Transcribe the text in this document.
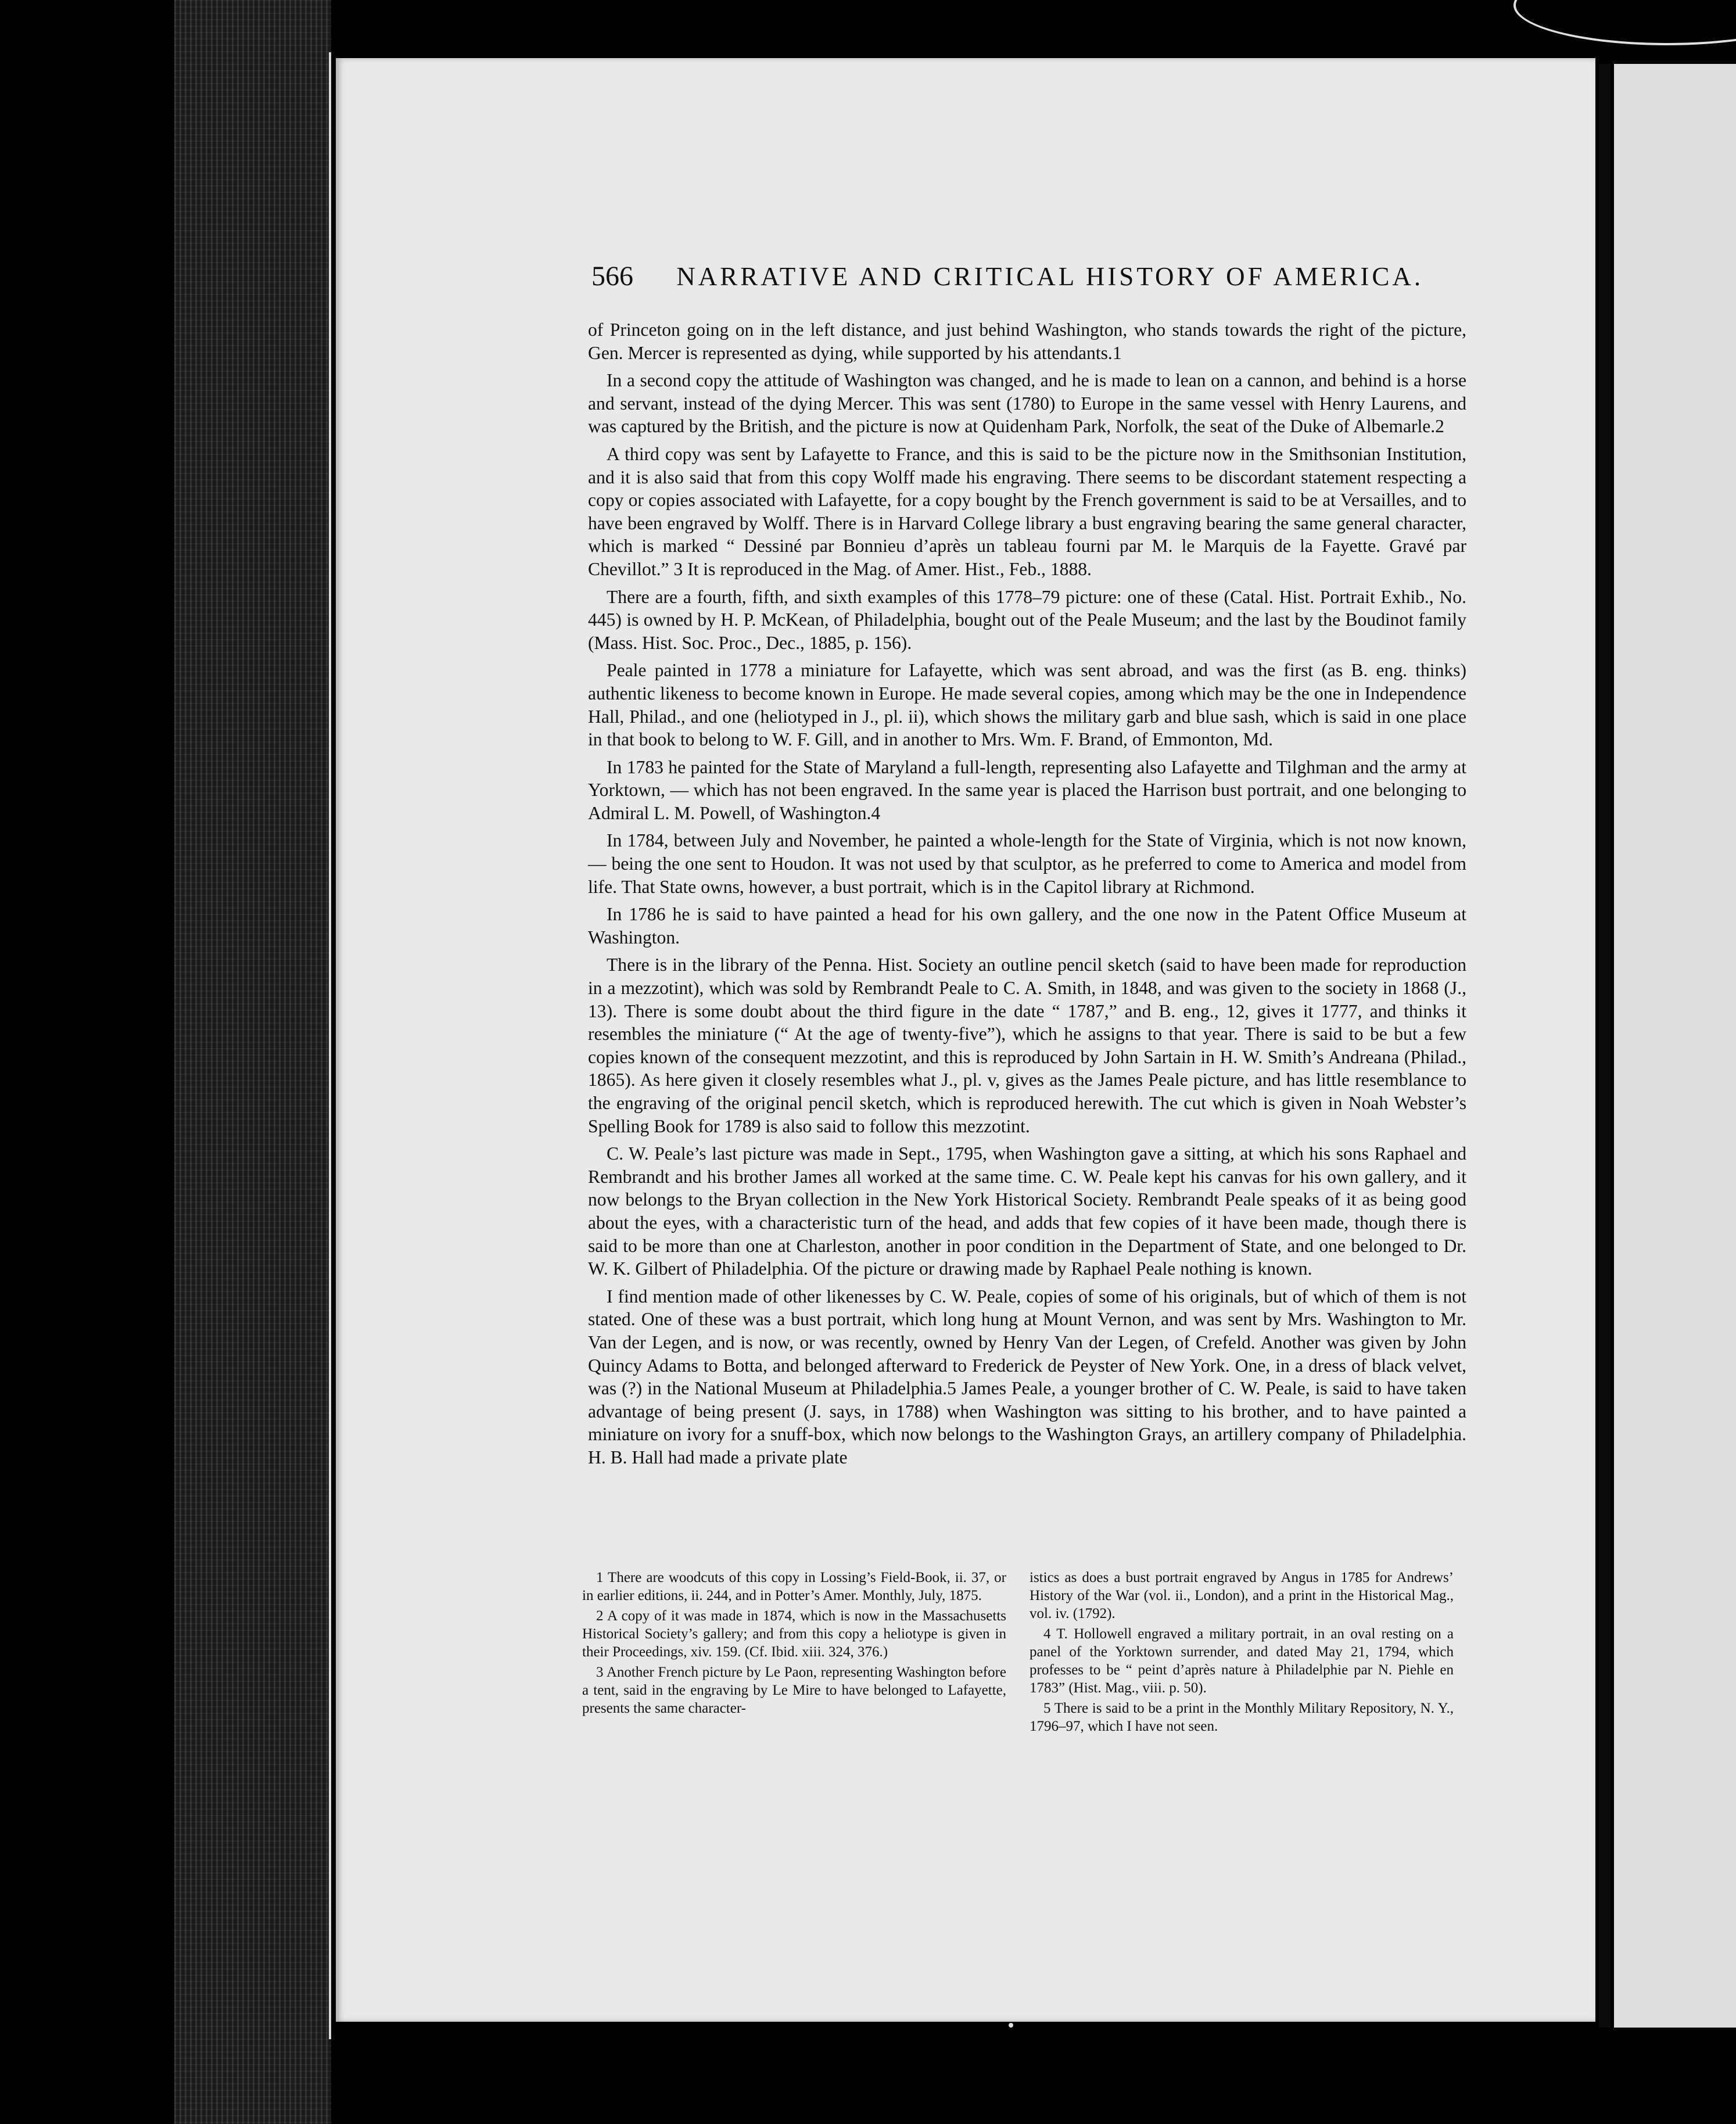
566 NARRATIVE AND CRITICAL HISTORY OF AMERICA.

of Princeton going on in the left distance, and just behind Washington, who stands towards the right of the picture, Gen. Mercer is represented as dying, while supported by his attendants.1

In a second copy the attitude of Washington was changed, and he is made to lean on a cannon, and behind is a horse and servant, instead of the dying Mercer. This was sent (1780) to Europe in the same vessel with Henry Laurens, and was captured by the British, and the picture is now at Quidenham Park, Norfolk, the seat of the Duke of Albemarle.2

A third copy was sent by Lafayette to France, and this is said to be the picture now in the Smithsonian Institution, and it is also said that from this copy Wolff made his engraving. There seems to be discordant statement respecting a copy or copies associated with Lafayette, for a copy bought by the French government is said to be at Versailles, and to have been engraved by Wolff. There is in Harvard College library a bust engraving bearing the same general character, which is marked “ Dessiné par Bonnieu d’après un tableau fourni par M. le Marquis de la Fayette. Gravé par Chevillot.” 3 It is reproduced in the Mag. of Amer. Hist., Feb., 1888.

There are a fourth, fifth, and sixth examples of this 1778–79 picture: one of these (Catal. Hist. Portrait Exhib., No. 445) is owned by H. P. McKean, of Philadelphia, bought out of the Peale Museum; and the last by the Boudinot family (Mass. Hist. Soc. Proc., Dec., 1885, p. 156).

Peale painted in 1778 a miniature for Lafayette, which was sent abroad, and was the first (as B. eng. thinks) authentic likeness to become known in Europe. He made several copies, among which may be the one in Independence Hall, Philad., and one (heliotyped in J., pl. ii), which shows the military garb and blue sash, which is said in one place in that book to belong to W. F. Gill, and in another to Mrs. Wm. F. Brand, of Emmonton, Md.

In 1783 he painted for the State of Maryland a full-length, representing also Lafayette and Tilghman and the army at Yorktown, — which has not been engraved. In the same year is placed the Harrison bust portrait, and one belonging to Admiral L. M. Powell, of Washington.4

In 1784, between July and November, he painted a whole-length for the State of Virginia, which is not now known, — being the one sent to Houdon. It was not used by that sculptor, as he preferred to come to America and model from life. That State owns, however, a bust portrait, which is in the Capitol library at Richmond.

In 1786 he is said to have painted a head for his own gallery, and the one now in the Patent Office Museum at Washington.

There is in the library of the Penna. Hist. Society an outline pencil sketch (said to have been made for reproduction in a mezzotint), which was sold by Rembrandt Peale to C. A. Smith, in 1848, and was given to the society in 1868 (J., 13). There is some doubt about the third figure in the date “ 1787,” and B. eng., 12, gives it 1777, and thinks it resembles the miniature (“ At the age of twenty-five”), which he assigns to that year. There is said to be but a few copies known of the consequent mezzotint, and this is reproduced by John Sartain in H. W. Smith’s Andreana (Philad., 1865). As here given it closely resembles what J., pl. v, gives as the James Peale picture, and has little resemblance to the engraving of the original pencil sketch, which is reproduced herewith. The cut which is given in Noah Webster’s Spelling Book for 1789 is also said to follow this mezzotint.

C. W. Peale’s last picture was made in Sept., 1795, when Washington gave a sitting, at which his sons Raphael and Rembrandt and his brother James all worked at the same time. C. W. Peale kept his canvas for his own gallery, and it now belongs to the Bryan collection in the New York Historical Society. Rembrandt Peale speaks of it as being good about the eyes, with a characteristic turn of the head, and adds that few copies of it have been made, though there is said to be more than one at Charleston, another in poor condition in the Department of State, and one belonged to Dr. W. K. Gilbert of Philadelphia. Of the picture or drawing made by Raphael Peale nothing is known.

I find mention made of other likenesses by C. W. Peale, copies of some of his originals, but of which of them is not stated. One of these was a bust portrait, which long hung at Mount Vernon, and was sent by Mrs. Washington to Mr. Van der Legen, and is now, or was recently, owned by Henry Van der Legen, of Crefeld. Another was given by John Quincy Adams to Botta, and belonged afterward to Frederick de Peyster of New York. One, in a dress of black velvet, was (?) in the National Museum at Philadelphia.5 James Peale, a younger brother of C. W. Peale, is said to have taken advantage of being present (J. says, in 1788) when Washington was sitting to his brother, and to have painted a miniature on ivory for a snuff-box, which now belongs to the Washington Grays, an artillery company of Philadelphia. H. B. Hall had made a private plate

1 There are woodcuts of this copy in Lossing’s Field-Book, ii. 37, or in earlier editions, ii. 244, and in Potter’s Amer. Monthly, July, 1875.

2 A copy of it was made in 1874, which is now in the Massachusetts Historical Society’s gallery; and from this copy a heliotype is given in their Proceedings, xiv. 159. (Cf. Ibid. xiii. 324, 376.)

3 Another French picture by Le Paon, representing Washington before a tent, said in the engraving by Le Mire to have belonged to Lafayette, presents the same character-

istics as does a bust portrait engraved by Angus in 1785 for Andrews’ History of the War (vol. ii., London), and a print in the Historical Mag., vol. iv. (1792).

4 T. Hollowell engraved a military portrait, in an oval resting on a panel of the Yorktown surrender, and dated May 21, 1794, which professes to be “ peint d’après nature à Philadelphie par N. Piehle en 1783” (Hist. Mag., viii. p. 50).

5 There is said to be a print in the Monthly Military Repository, N. Y., 1796–97, which I have not seen.
